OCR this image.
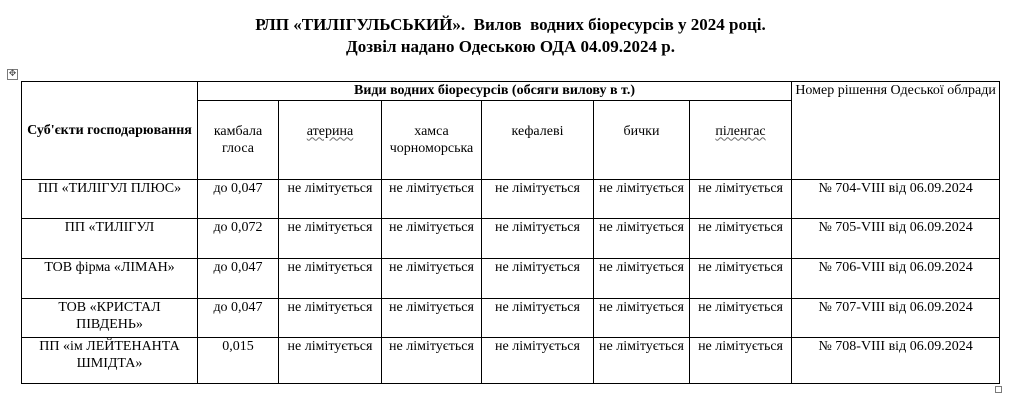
РЛП «ТИЛІГУЛЬСЬКИЙ».  Вилов  водних біоресурсів у 2024 році.
Дозвіл надано Одеською ОДА 04.09.2024 р.
✥
Суб'єкти господарювання	Види водних біоресурсів (обсяги вилову в т.)						Номер рішення Одеської облради
	камбала глоса	атерина	хамса чорноморська	кефалеві	бички	піленгас	
ПП «ТИЛІГУЛ ПЛЮС»	до 0,047	не лімітується	не лімітується	не лімітується	не лімітується	не лімітується	№ 704-VIII від 06.09.2024
ПП «ТИЛІГУЛ	до 0,072	не лімітується	не лімітується	не лімітується	не лімітується	не лімітується	№ 705-VIII від 06.09.2024
ТОВ фірма «ЛІМАН»	до 0,047	не лімітується	не лімітується	не лімітується	не лімітується	не лімітується	№ 706-VIII від 06.09.2024
ТОВ «КРИСТАЛ ПІВДЕНЬ»	до 0,047	не лімітується	не лімітується	не лімітується	не лімітується	не лімітується	№ 707-VIII від 06.09.2024
ПП «ім ЛЕЙТЕНАНТА ШМІДТА»	0,015	не лімітується	не лімітується	не лімітується	не лімітується	не лімітується	№ 708-VIII від 06.09.2024
